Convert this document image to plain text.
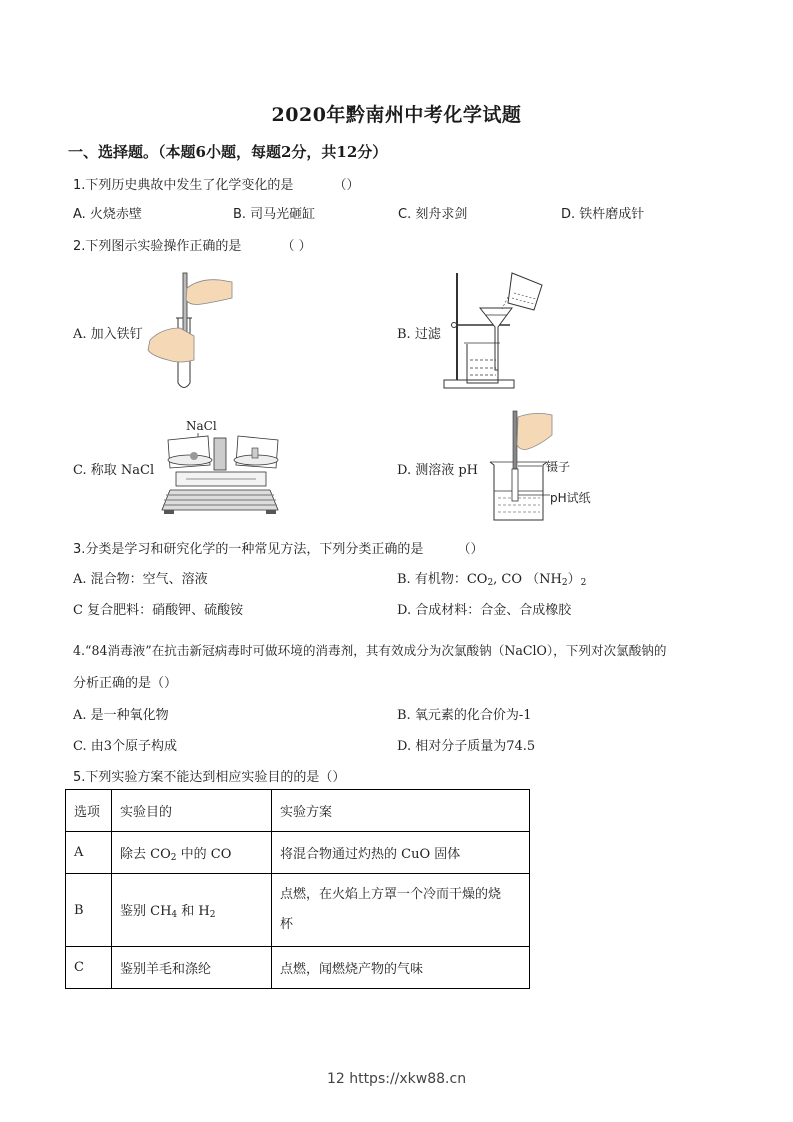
2020年黔南州中考化学试题
一、选择题。（本题6小题，每题2分，共12分）
1.下列历史典故中发生了化学变化的是	（）
A. 火烧赤壁	B. 司马光砸缸	C. 刻舟求剑	D. 铁杵磨成针
2.下列图示实验操作正确的是	（ ）
A. 加入铁钉	B. 过滤
C. 称取 NaCl
NaCl
D. 测溶液 pH	镊子
pH试纸
3.分类是学习和研究化学的一种常见方法，下列分类正确的是	（）
A. 混合物：空气、溶液	B. 有机物：$CO_2$, CO $(NH_2)_2$
C 复合肥料：硝酸钾、硫酸铵	D. 合成材料：合金、合成橡胶
4.“84消毒液”在抗击新冠病毒时可做环境的消毒剂，其有效成分为次氯酸钠（NaClO），下列对次氯酸钠的
分析正确的是（）
A. 是一种氧化物	B. 氧元素的化合价为-1
C. 由3个原子构成	D. 相对分子质量为74.5
5.下列实验方案不能达到相应实验目的的是（）
选项	实验目的	实验方案
A	除去 $CO_2$ 中的 CO	将混合物通过灼热的 CuO 固体
B	鉴别 $CH_4$ 和 $H_2$	点燃，在火焰上方罩一个冷而干燥的烧
杯

C	鉴别羊毛和涤纶	点燃，闻燃烧产物的气味
12 https://xkw88.cn
